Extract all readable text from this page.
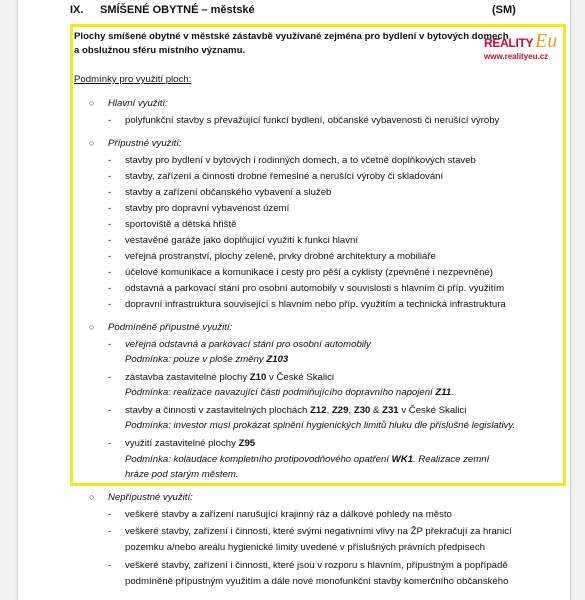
IX. SMÍŠENÉ OBYTNÉ – městské	(SM)
Plochy smíšené obytné v městské zástavbě využívané zejména pro bydlení v bytových domech
a obslužnou sféru místního významu.
Podmínky pro využití ploch:
○ Hlavní využití:
- polyfunkční stavby s převažující funkcí bydlení, občanské vybavenosti či nerušící výroby
○ Přípustné využití:
- stavby pro bydlení v bytových i rodinných domech, a to včetně doplňkových staveb
- stavby, zařízení a činnosti drobné řemeslné a nerušící výroby či skladování
- stavby a zařízení občanského vybavení a služeb
- stavby pro dopravní vybavenost území
- sportoviště a dětská hřiště
- vestavěné garáže jako doplňující využití k funkci hlavní
- veřejná prostranství, plochy zeleně, prvky drobné architektury a mobiliáře
- účelové komunikace a komunikace i cesty pro pěší a cyklisty (zpevněné i nezpevněné)
- odstavná a parkovací stání pro osobní automobily v souvislosti s hlavním či příp. využitím
- dopravní infrastruktura související s hlavním nebo příp. využitím a technická infrastruktura
○ Podmíněně přípustné využití:
- veřejná odstavná a parkovací stání pro osobní automobily
Podmínka: pouze v ploše změny Z103
- zástavba zastavitelné plochy Z10 v České Skalici
Podmínka: realizace navazující části podmiňujícího dopravního napojení Z11.
- stavby a činnosti v zastavitelných plochách Z12, Z29, Z30 & Z31 v České Skalici
Podmínka: investor musí prokázat splnění hygienických limitů hluku dle příslušné legislativy.
- využití zastavitelné plochy Z95
Podmínka: kolaudace kompletního protipovodňového opatření WK1. Realizace zemní
hráze pod starým městem.
○ Nepřípustné využití:
- veškeré stavby a zařízení narušující krajinný ráz a dálkové pohledy na město
- veškeré stavby, zařízení i činnosti, které svými negativními vlivy na ŽP překračují za hranicí
pozemku a/nebo areálu hygienické limity uvedené v příslušných právních předpisech
- veškeré stavby, zařízení i činnosti, které jsou v rozporu s hlavním, přípustným a popřípadě
podmíněně přípustným využitím a dále nové monofunkční stavby komerčního občanského
REALITY Eu
www.realityeu.cz
